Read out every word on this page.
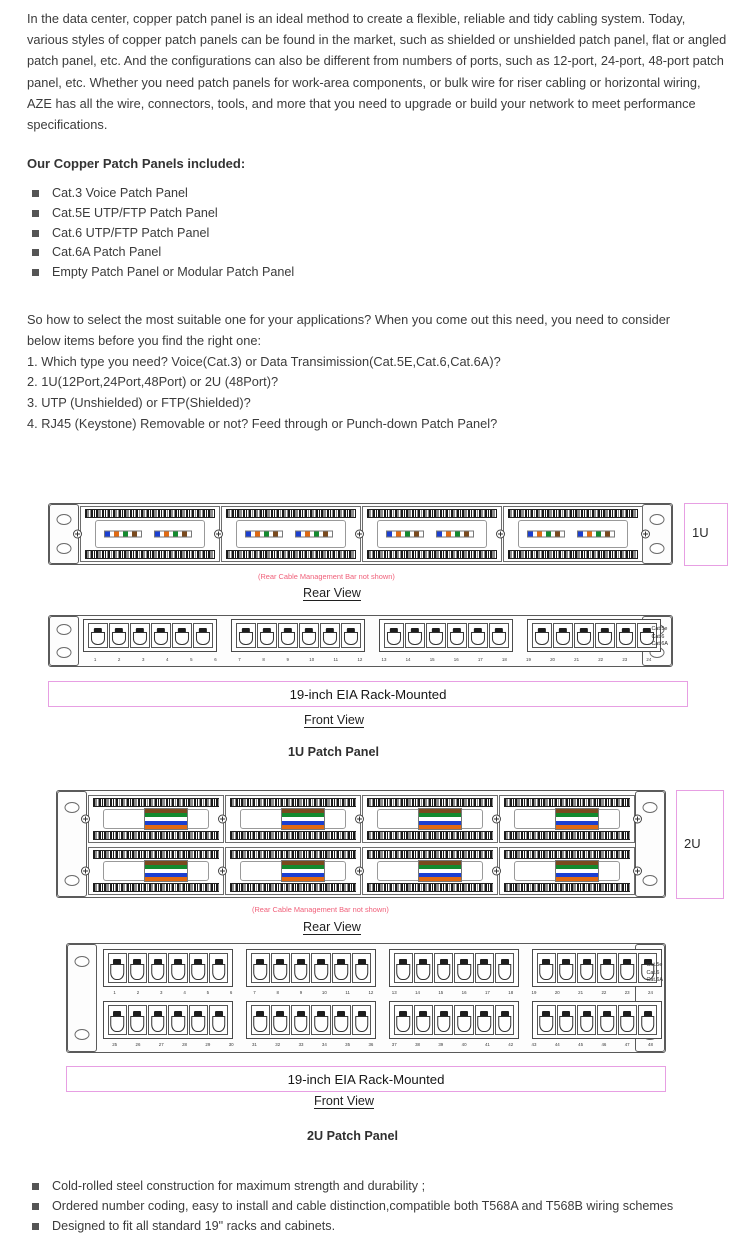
In the data center, copper patch panel is an ideal method to create a flexible, reliable and tidy cabling system. Today, various styles of copper patch panels can be found in the market, such as shielded or unshielded patch panel, flat or angled patch panel, etc. And the configurations can also be different from numbers of ports, such as 12-port, 24-port, 48-port patch panel, etc. Whether you need patch panels for work-area components, or bulk wire for riser cabling or horizontal wiring, AZE has all the wire, connectors, tools, and more that you need to upgrade or build your network to meet performance specifications.
Our Copper Patch Panels included:
Cat.3 Voice Patch Panel
Cat.5E UTP/FTP Patch Panel
Cat.6 UTP/FTP Patch Panel
Cat.6A Patch Panel
Empty Patch Panel or Modular Patch Panel

So how to select the most suitable one for your applications? When you come out this need, you need to consider

below items before you find the right one:

1. Which type you need? Voice(Cat.3) or Data Transimission(Cat.5E,Cat.6,Cat.6A)?

2. 1U(12Port,24Port,48Port) or 2U (48Port)?

3. UTP (Unshielded) or FTP(Shielded)?

4. RJ45 (Keystone) Removable or not? Feed through or Punch-down Patch Panel?

1U
(Rear Cable Management Bar not shown)
Rear View
1	2	3	4	5	6	7	8	9	10	11	12	13	14	15	16	17	18	19	20	21	22	23	24
Cat.5e
Cat.6
Cat.6A
19-inch EIA Rack-Mounted
Front View
1U Patch Panel
2U
(Rear Cable Management Bar not shown)
Rear View
1	2	3	4	5	6	7	8	9	10	11	12	13	14	15	16	17	18	19	20	21	22	23	24
25	26	27	28	29	30	31	32	33	34	35	36	37	38	39	40	41	42	43	44	45	46	47	48
Cat.5e
Cat.6
Cat.6A
19-inch EIA Rack-Mounted
Front View
2U Patch Panel
Cold-rolled steel construction for maximum strength and durability ;
Ordered number coding, easy to install and cable distinction,compatible both T568A and T568B wiring schemes
Designed to fit all standard 19" racks and cabinets.
